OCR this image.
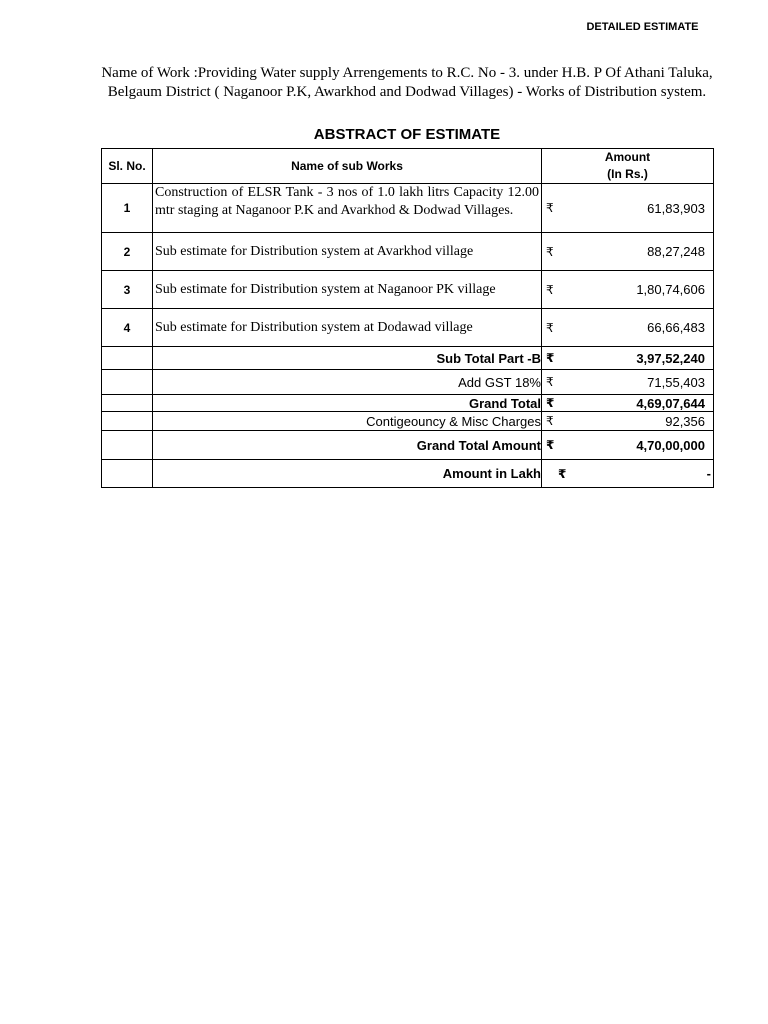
DETAILED ESTIMATE
Name of Work :Providing Water supply Arrengements to R.C. No - 3. under H.B. P Of Athani Taluka, Belgaum District ( Naganoor P.K, Awarkhod and Dodwad Villages) - Works of Distribution system.
ABSTRACT OF ESTIMATE
Sl. No.	Name of sub Works	Amount
(In Rs.)

1	Construction of ELSR Tank - 3 nos of 1.0 lakh litrs Capacity 12.00 mtr staging at Naganoor P.K and Avarkhod & Dodwad Villages.	₹ 61,83,903

2	Sub estimate for Distribution system at Avarkhod village	₹ 88,27,248

3	Sub estimate for Distribution system at Naganoor PK village	₹ 1,80,74,606

4	Sub estimate for Distribution system at Dodawad village	₹ 66,66,483

	Sub Total Part -B	₹ 3,97,52,240

	Add GST 18%	₹ 71,55,403

	Grand Total	₹ 4,69,07,644

	Contigeouncy & Misc Charges	₹ 92,356

	Grand Total Amount	₹ 4,70,00,000

	Amount in Lakh	₹ -
